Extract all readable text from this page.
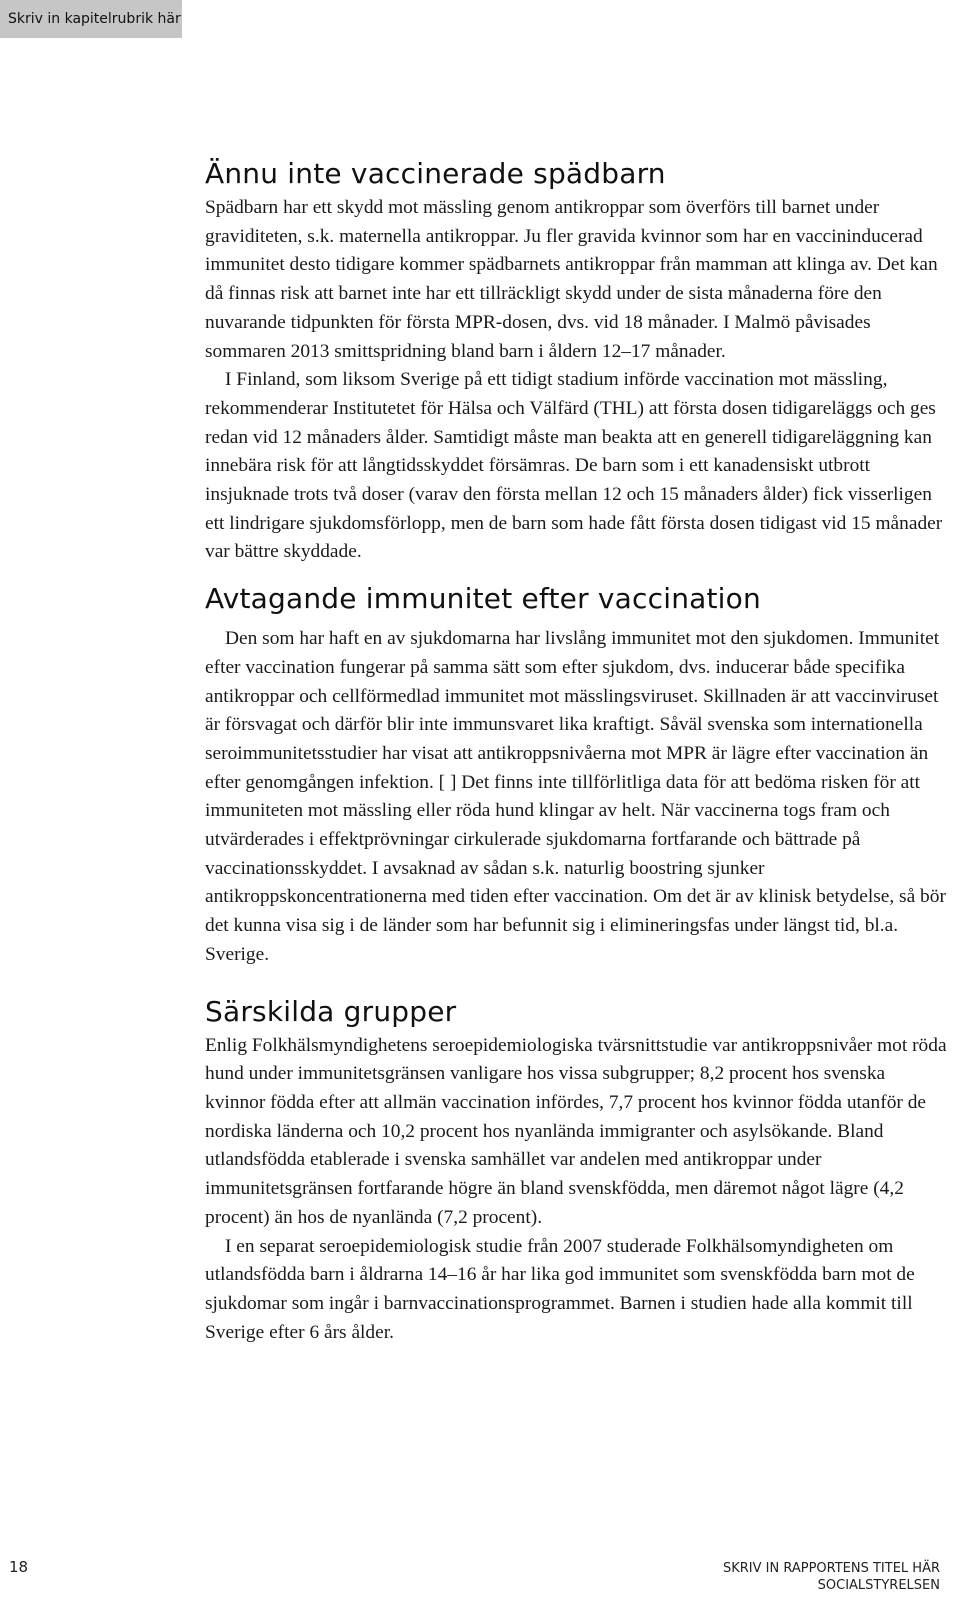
Skriv in kapitelrubrik här
Ännu inte vaccinerade spädbarn

Spädbarn har ett skydd mot mässling genom antikroppar som överförs till barnet under graviditeten, s.k. maternella antikroppar. Ju fler gravida kvinnor som har en vaccininducerad immunitet desto tidigare kommer spädbarnets antikroppar från mamman att klinga av. Det kan då finnas risk att barnet inte har ett tillräckligt skydd under de sista månaderna före den nuvarande tidpunkten för första MPR-dosen, dvs. vid 18 månader. I Malmö påvisades sommaren 2013 smittspridning bland barn i åldern 12–17 månader.

I Finland, som liksom Sverige på ett tidigt stadium införde vaccination mot mässling, rekommenderar Institutetet för Hälsa och Välfärd (THL) att första dosen tidigareläggs och ges redan vid 12 månaders ålder. Samtidigt måste man beakta att en generell tidigareläggning kan innebära risk för att långtidsskyddet försämras. De barn som i ett kanadensiskt utbrott insjuknade trots två doser (varav den första mellan 12 och 15 månaders ålder) fick visserligen ett lindrigare sjukdomsförlopp, men de barn som hade fått första dosen tidigast vid 15 månader var bättre skyddade.

Avtagande immunitet efter vaccination

Den som har haft en av sjukdomarna har livslång immunitet mot den sjukdomen. Immunitet efter vaccination fungerar på samma sätt som efter sjukdom, dvs. inducerar både specifika antikroppar och cellförmedlad immunitet mot mässlingsviruset. Skillnaden är att vaccinviruset är försvagat och därför blir inte immunsvaret lika kraftigt. Såväl svenska som internationella seroimmunitetsstudier har visat att antikroppsnivåerna mot MPR är lägre efter vaccination än efter genomgången infektion. [ ] Det finns inte tillförlitliga data för att bedöma risken för att immuniteten mot mässling eller röda hund klingar av helt. När vaccinerna togs fram och utvärderades i effektprövningar cirkulerade sjukdomarna fortfarande och bättrade på vaccinationsskyddet. I avsaknad av sådan s.k. naturlig boostring sjunker antikroppskoncentrationerna med tiden efter vaccination. Om det är av klinisk betydelse, så bör det kunna visa sig i de länder som har befunnit sig i elimineringsfas under längst tid, bl.a. Sverige.

Särskilda grupper

Enlig Folkhälsmyndighetens seroepidemiologiska tvärsnittstudie var antikroppsnivåer mot röda hund under immunitetsgränsen vanligare hos vissa subgrupper; 8,2 procent hos svenska kvinnor födda efter att allmän vaccination infördes, 7,7 procent hos kvinnor födda utanför de nordiska länderna och 10,2 procent hos nyanlända immigranter och asylsökande. Bland utlandsfödda etablerade i svenska samhället var andelen med antikroppar under immunitetsgränsen fortfarande högre än bland svenskfödda, men däremot något lägre (4,2 procent) än hos de nyanlända (7,2 procent).

I en separat seroepidemiologisk studie från 2007 studerade Folkhälsomyndigheten om utlandsfödda barn i åldrarna 14–16 år har lika god immunitet som svenskfödda barn mot de sjukdomar som ingår i barnvaccinationsprogrammet. Barnen i studien hade alla kommit till Sverige efter 6 års ålder.

18	SKRIV IN RAPPORTENS TITEL HÄR
SOCIALSTYRELSEN
